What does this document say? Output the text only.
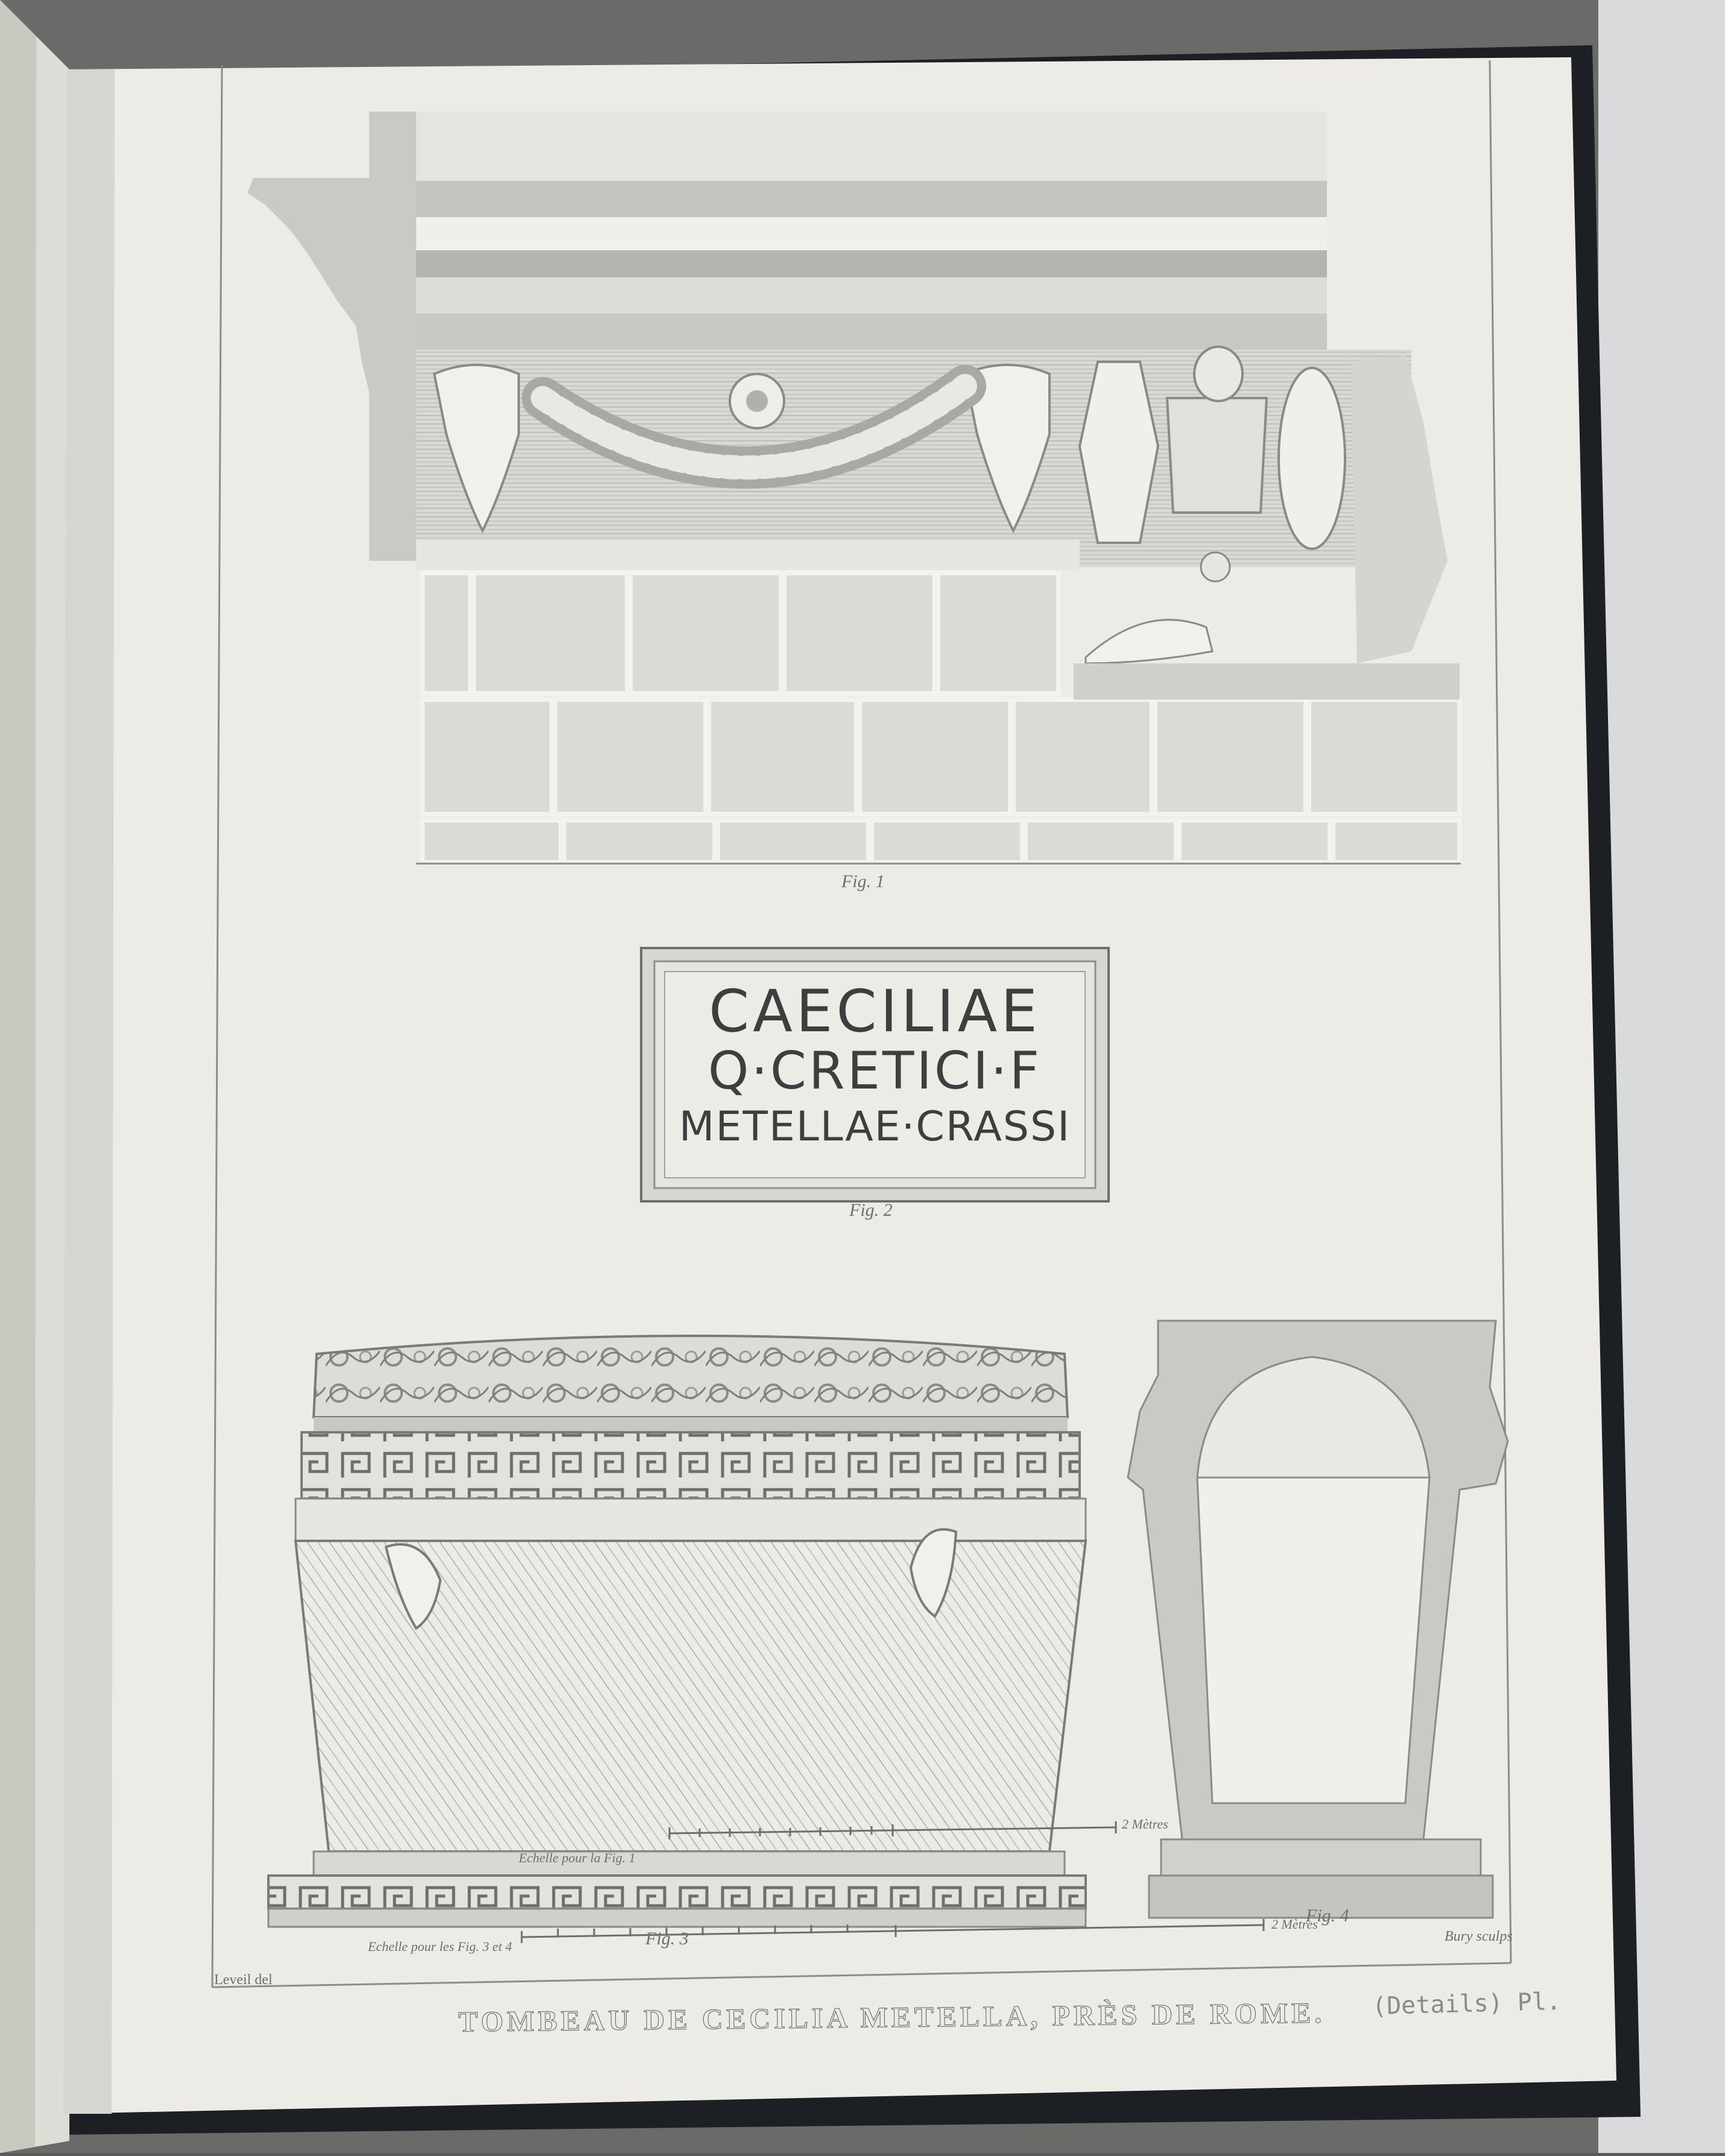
Fig. 1
Fig. 2
Fig. 3
Fig. 4
CAECILIAE
Q·CRETICI·F
METELLAE·CRASSI
Echelle pour la Fig. 1
2 Mètres
Echelle pour les Fig. 3 et 4
2 Mètres
Leveil del
Bury sculps
TOMBEAU DE CECILIA METELLA, PRÈS DE ROME. (Details) Pl.
